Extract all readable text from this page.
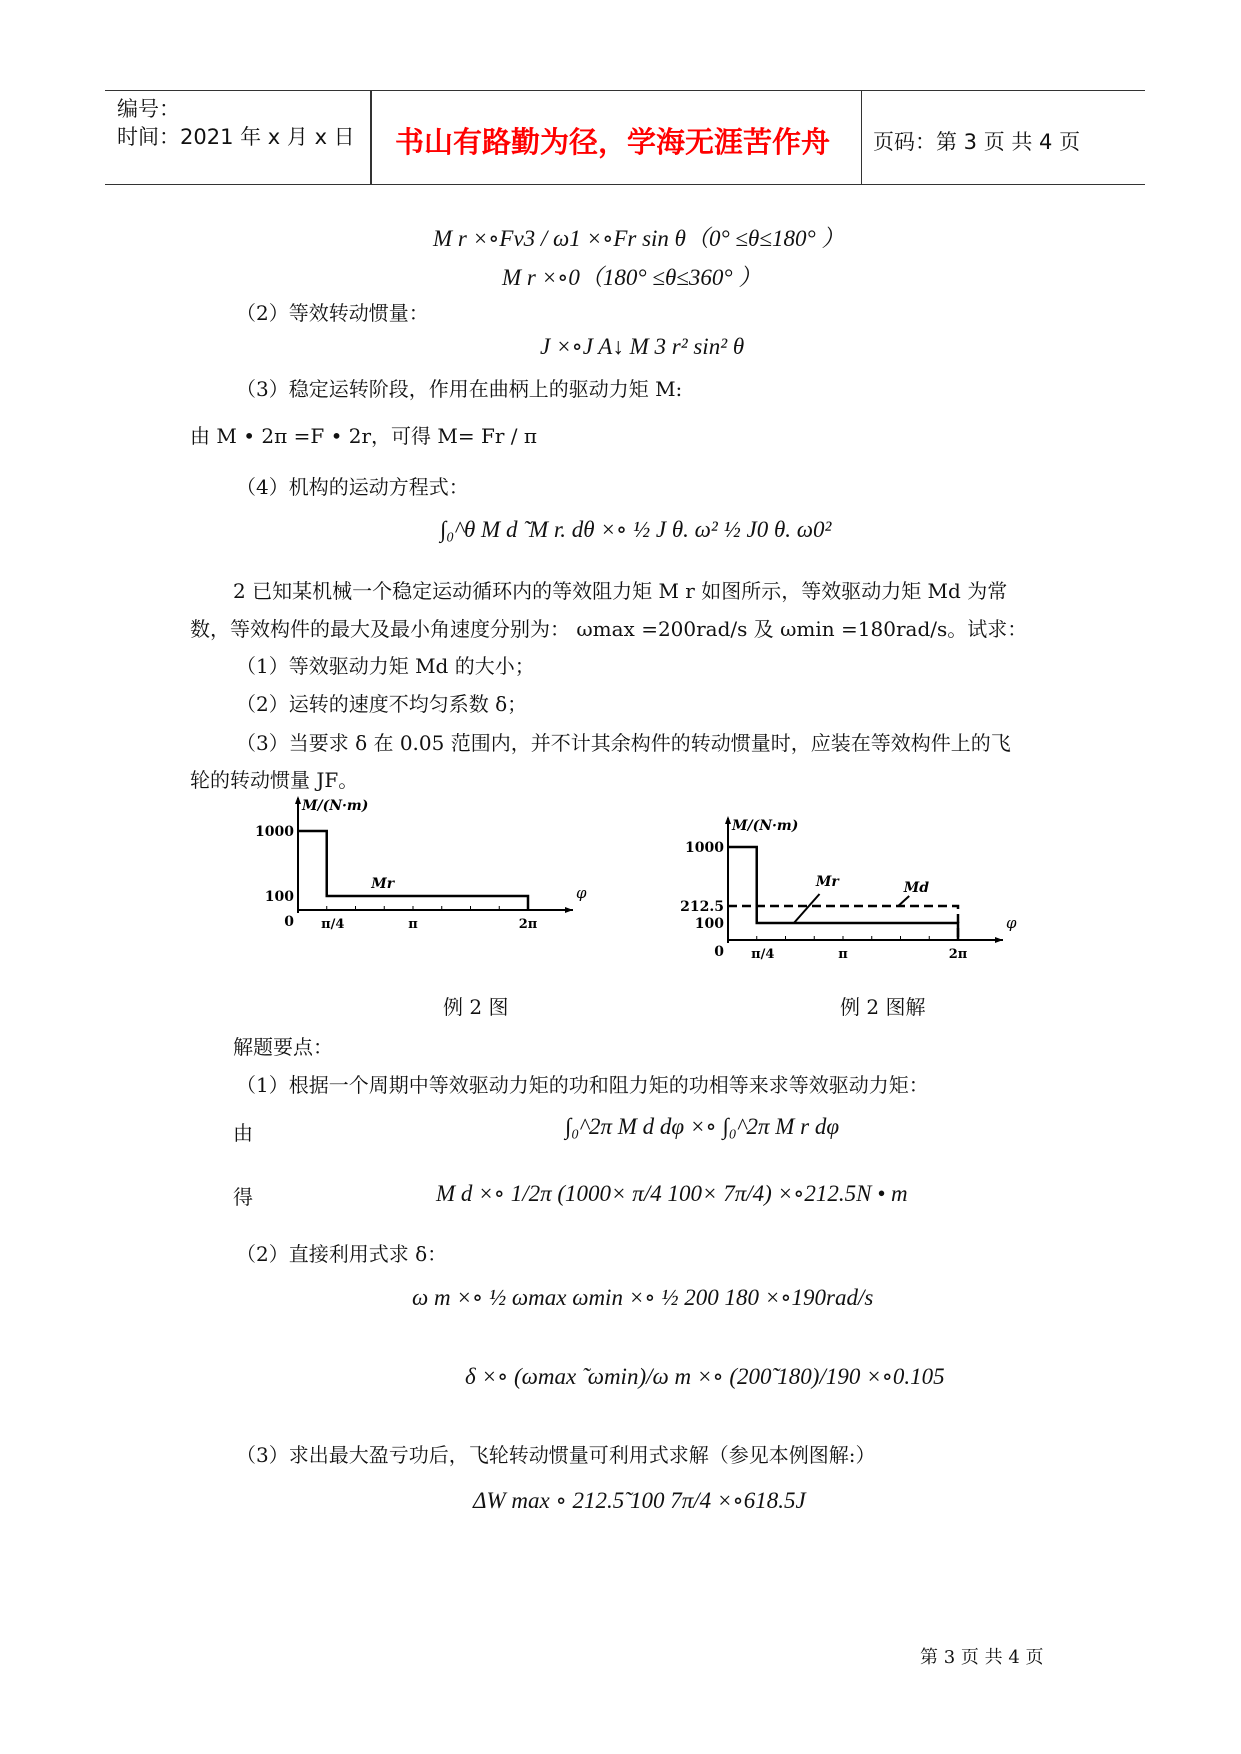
编号：
时间：2021 年 x 月 x 日 书山有路勤为径，学海无涯苦作舟 页码：第 3 页 共 4 页
M r ×∘Fv3 / ω1 ×∘Fr sin θ（0° ≤θ≤180° ）
M r ×∘0（180° ≤θ≤360° ）
（2）等效转动惯量：
J ×∘J A↓ M 3 r² sin² θ
（3）稳定运转阶段，作用在曲柄上的驱动力矩 M:
由 M • 2π =F • 2r，可得 M= Fr / π
（4）机构的运动方程式：
∫₀^θ M d ̃ M r. dθ ×∘ ½ J θ. ω² ½ J0 θ. ω0²
2 已知某机械一个稳定运动循环内的等效阻力矩 M r 如图所示，等效驱动力矩 Md 为常
数，等效构件的最大及最小角速度分别为： ωmax =200rad/s 及 ωmin =180rad/s。试求：
（1）等效驱动力矩 Md 的大小；
（2）运转的速度不均匀系数 δ；
（3）当要求 δ 在 0.05 范围内，并不计其余构件的转动惯量时，应装在等效构件上的飞
轮的转动惯量 JF。
M/(N·m)
φ
1000
100
0 π/4	π	2π
Mr
M/(N·m)
φ
1000
212.5
100
0 π/4	π	2π
Mr	Md
例 2 图	例 2 图解
解题要点：
（1）根据一个周期中等效驱动力矩的功和阻力矩的功相等来求等效驱动力矩：
由	∫₀^2π M d dφ ×∘ ∫₀^2π M r dφ
得	M d ×∘ 1/2π (1000× π/4 100× 7π/4) ×∘212.5N • m
（2）直接利用式求 δ：
ω m ×∘ ½ ωmax ωmin ×∘ ½ 200 180 ×∘190rad/s
δ ×∘ (ωmax ̃ ωmin)/ω m ×∘ (200̃ 180)/190 ×∘0.105
（3）求出最大盈亏功后，飞轮转动惯量可利用式求解（参见本例图解:）
ΔW max ∘ 212.5̃ 100 7π/4 ×∘618.5J
第 3 页 共 4 页
